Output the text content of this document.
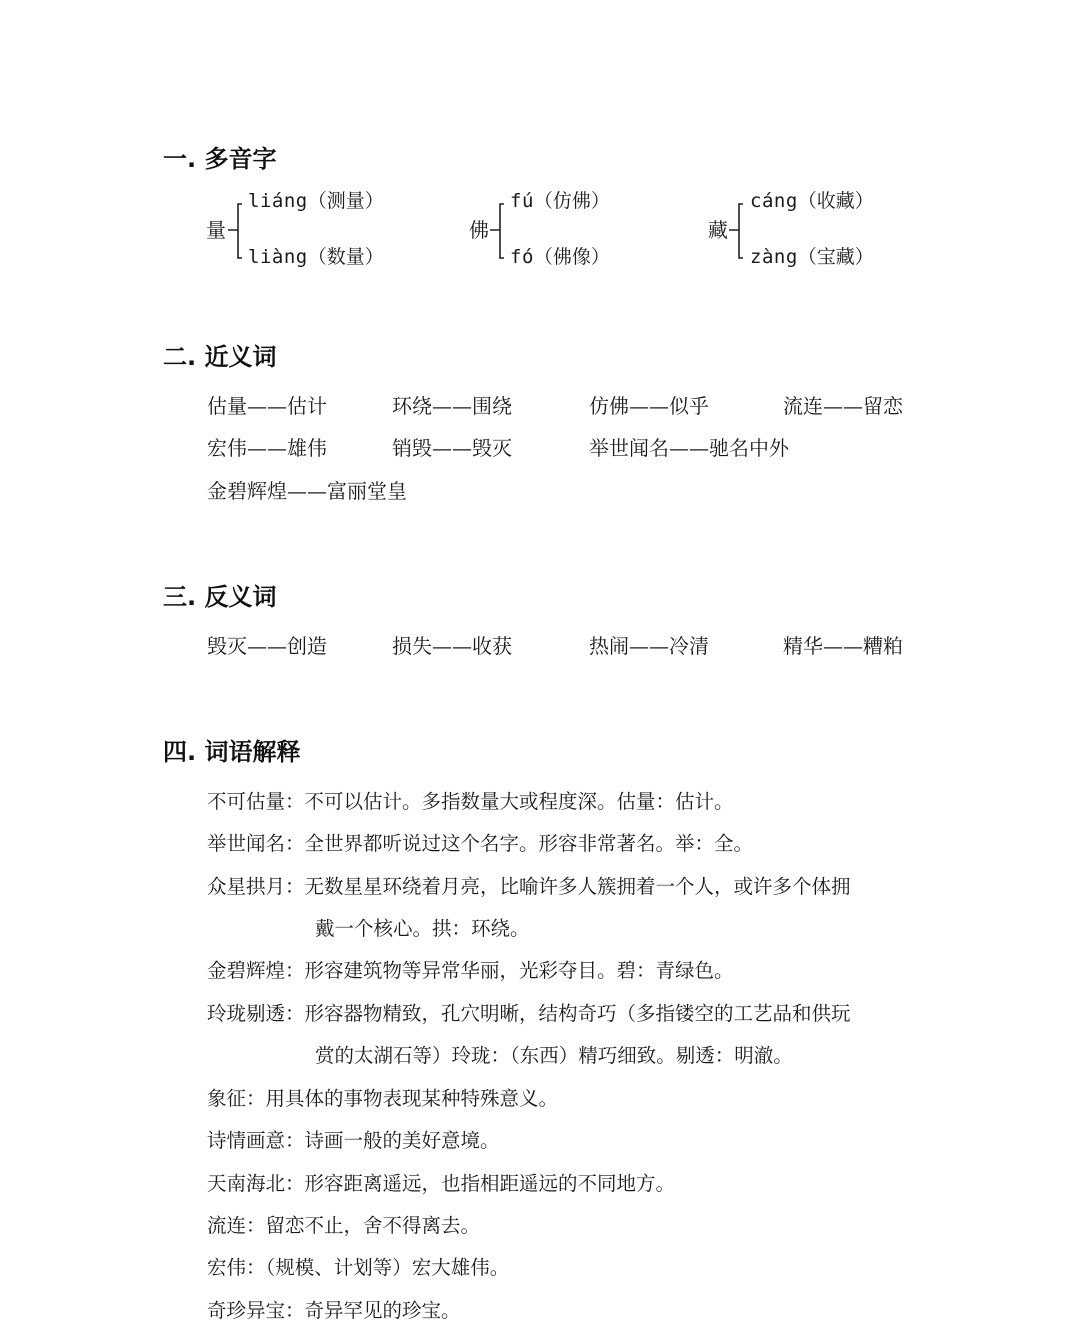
一. 多音字
量
liáng（测量）
liàng（数量）
佛
fú（仿佛）
fó（佛像）
藏
cáng（收藏）
zàng（宝藏）
二. 近义词
估量——估计	环绕——围绕	仿佛——似乎	流连——留恋
宏伟——雄伟	销毁——毁灭	举世闻名——驰名中外
金碧辉煌——富丽堂皇
三. 反义词
毁灭——创造	损失——收获	热闹——冷清	精华——糟粕
四. 词语解释
不可估量：不可以估计。多指数量大或程度深。估量：估计。
举世闻名：全世界都听说过这个名字。形容非常著名。举：全。
众星拱月：无数星星环绕着月亮，比喻许多人簇拥着一个人，或许多个体拥
戴一个核心。拱：环绕。
金碧辉煌：形容建筑物等异常华丽，光彩夺目。碧：青绿色。
玲珑剔透：形容器物精致，孔穴明晰，结构奇巧（多指镂空的工艺品和供玩
赏的太湖石等）玲珑：（东西）精巧细致。剔透：明澈。
象征：用具体的事物表现某种特殊意义。
诗情画意：诗画一般的美好意境。
天南海北：形容距离遥远，也指相距遥远的不同地方。
流连：留恋不止，舍不得离去。
宏伟：（规模、计划等）宏大雄伟。
奇珍异宝：奇异罕见的珍宝。
